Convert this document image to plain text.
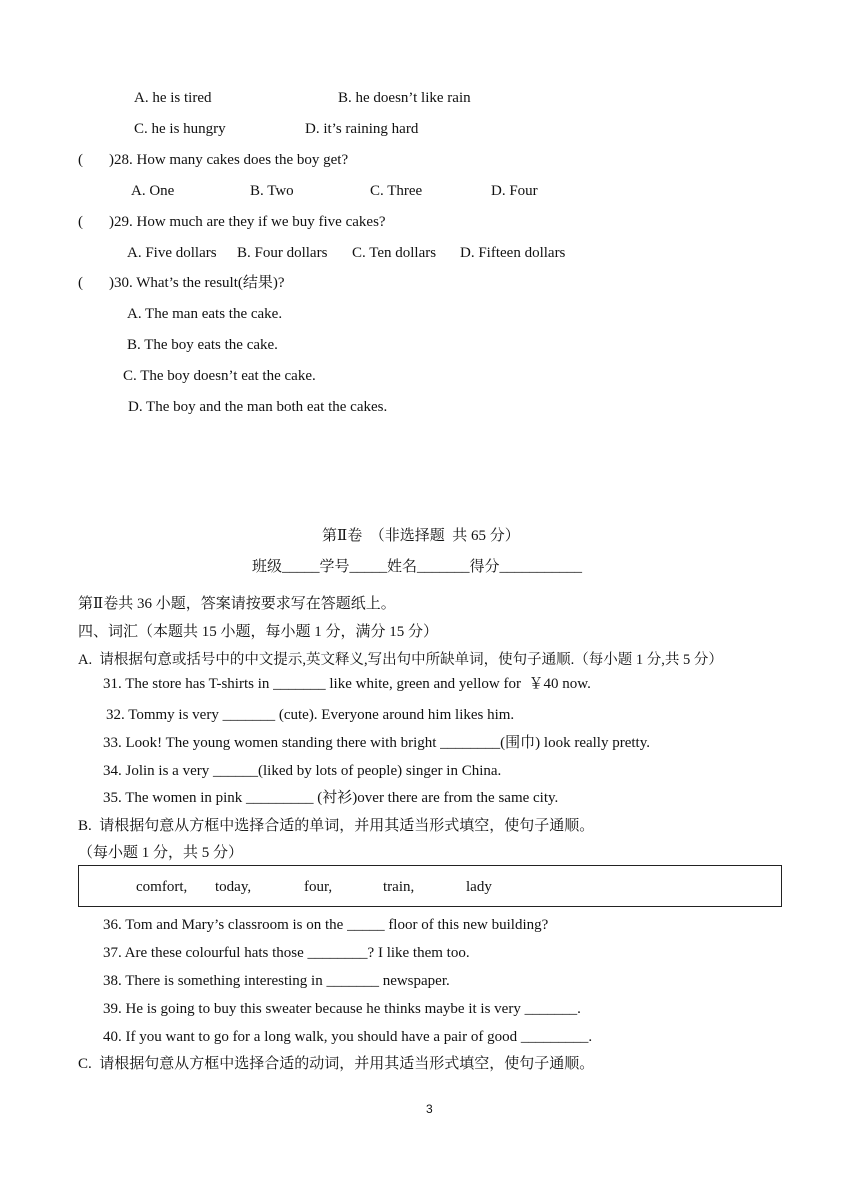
A. he is tired	B. he doesn’t like rain
C. he is hungry	D. it’s raining hard
( )28. How many cakes does the boy get?
A. One	B. Two	C. Three	D. Four
( )29. How much are they if we buy five cakes?
A. Five dollars B. Four dollars C. Ten dollars D. Fifteen dollars
( )30. What’s the result(结果)?
A. The man eats the cake.
B. The boy eats the cake.
C. The boy doesn’t eat the cake.
D. The boy and the man both eat the cakes.
第Ⅱ卷  （非选择题  共 65 分）
班级_____学号_____姓名_______得分___________
第Ⅱ卷共 36 小题，答案请按要求写在答题纸上。
四、词汇（本题共 15 小题，每小题 1 分，满分 15 分）
A.  请根据句意或括号中的中文提示,英文释义,写出句中所缺单词，使句子通顺.（每小题 1 分,共 5 分）
31. The store has T-shirts in _______ like white, green and yellow for  ￥40 now.
32. Tommy is very _______ (cute). Everyone around him likes him.
33. Look! The young women standing there with bright ________(围巾) look really pretty.
34. Jolin is a very ______(liked by lots of people) singer in China.
35. The women in pink _________ (衬衫)over there are from the same city.
B.  请根据句意从方框中选择合适的单词，并用其适当形式填空，使句子通顺。
（每小题 1 分，共 5 分）
comfort, today,	four,	train,	lady
36. Tom and Mary’s classroom is on the _____ floor of this new building?
37. Are these colourful hats those ________? I like them too.
38. There is something interesting in _______ newspaper.
39. He is going to buy this sweater because he thinks maybe it is very _______.
40. If you want to go for a long walk, you should have a pair of good _________.
C.  请根据句意从方框中选择合适的动词，并用其适当形式填空，使句子通顺。
3
